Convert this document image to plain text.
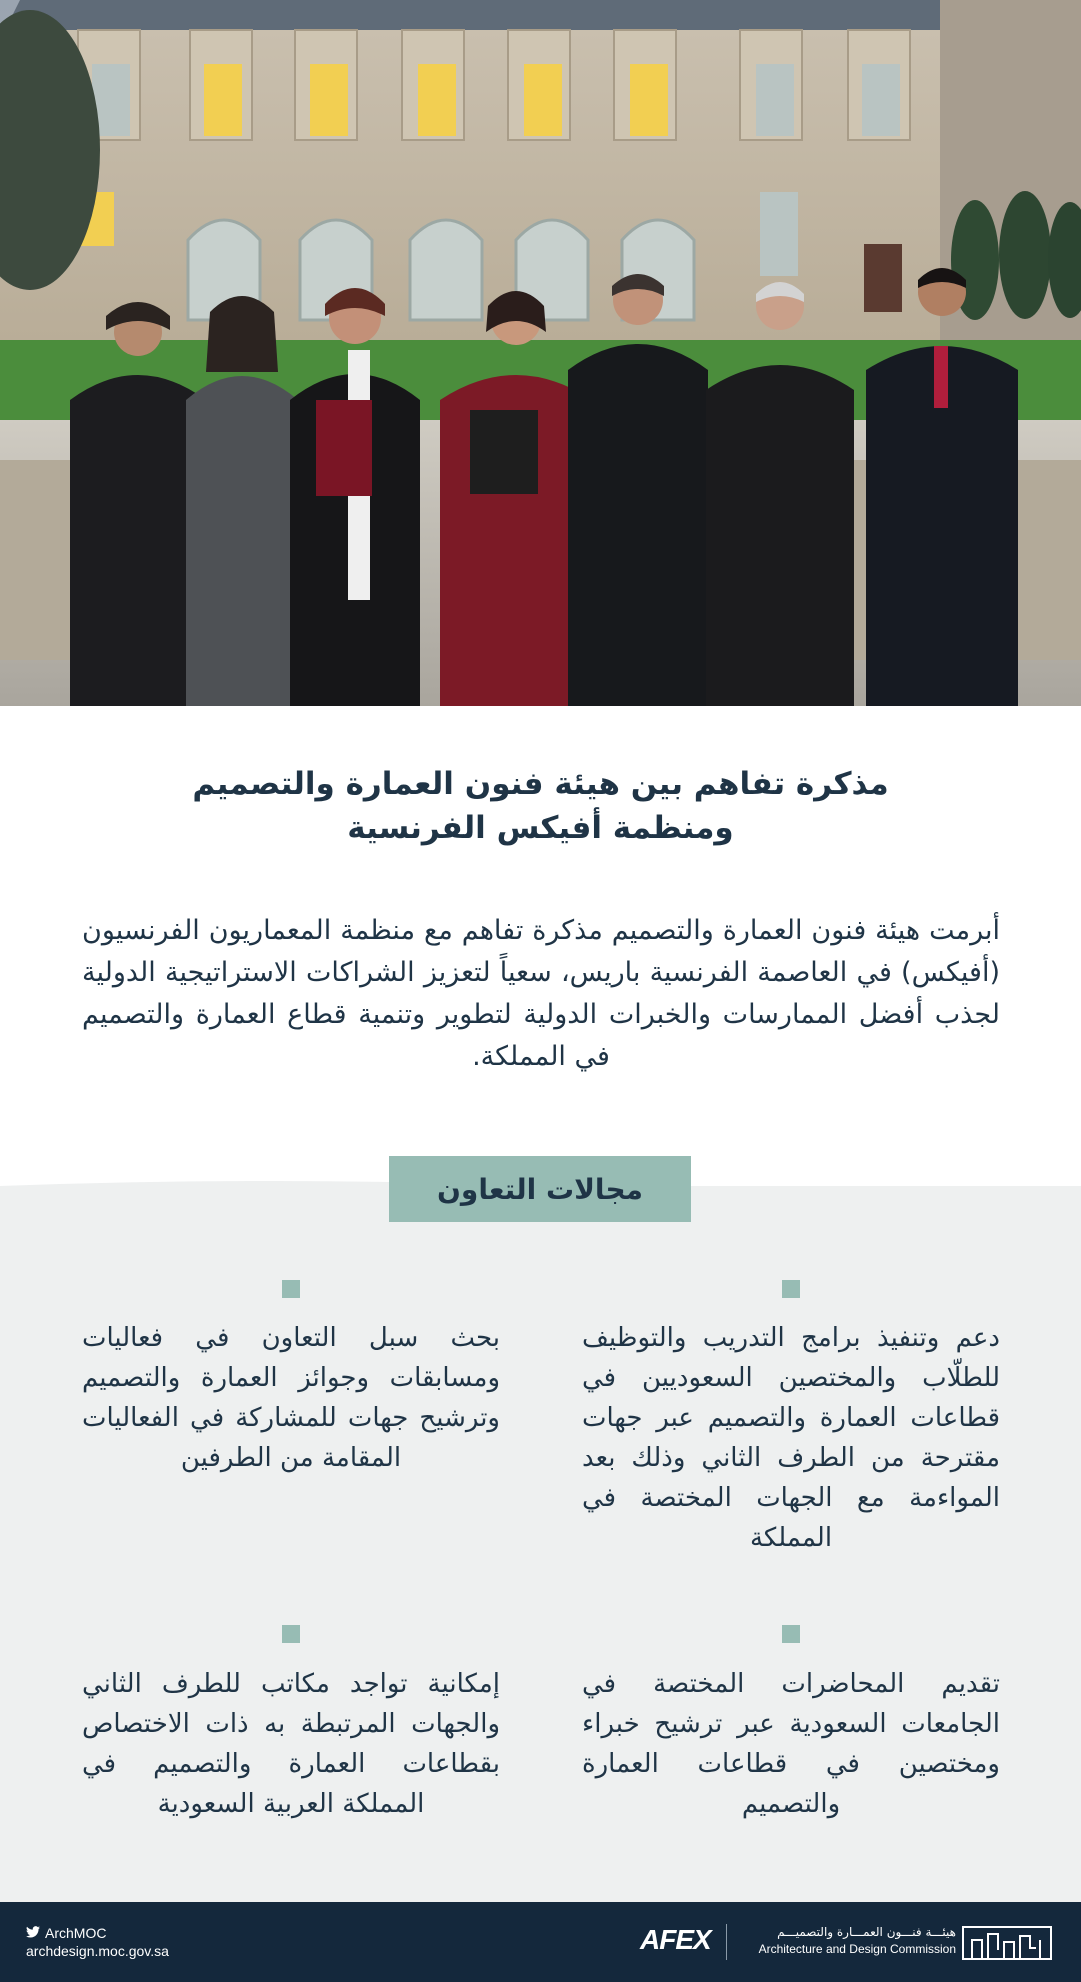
مذكرة تفاهم بين هيئة فنون العمارة والتصميم
ومنظمة أفيكس الفرنسية
أبرمت هيئة فنون العمارة والتصميم مذكرة تفاهم مع منظمة المعماريون الفرنسيون (أفيكس) في العاصمة الفرنسية باريس، سعياً لتعزيز الشراكات الاستراتيجية الدولية لجذب أفضل الممارسات والخبرات الدولية لتطوير وتنمية قطاع العمارة والتصميم في المملكة.
مجالات التعاون
دعم وتنفيذ برامج التدريب والتوظيف للطلّاب والمختصين السعوديين في قطاعات العمارة والتصميم عبر جهات مقترحة من الطرف الثاني وذلك بعد المواءمة مع الجهات المختصة في المملكة
بحث سبل التعاون في فعاليات ومسابقات وجوائز العمارة والتصميم وترشيح جهات للمشاركة في الفعاليات المقامة من الطرفين
تقديم المحاضرات المختصة في الجامعات السعودية عبر ترشيح خبراء ومختصين في قطاعات العمارة والتصميم
إمكانية تواجد مكاتب للطرف الثاني والجهات المرتبطة به ذات الاختصاص بقطاعات العمارة والتصميم في المملكة العربية السعودية
ArchMOC
archdesign.moc.gov.sa	AFEX	هيئـــة فنـــون العمـــارة والتصميـــم
Architecture and Design Commission
